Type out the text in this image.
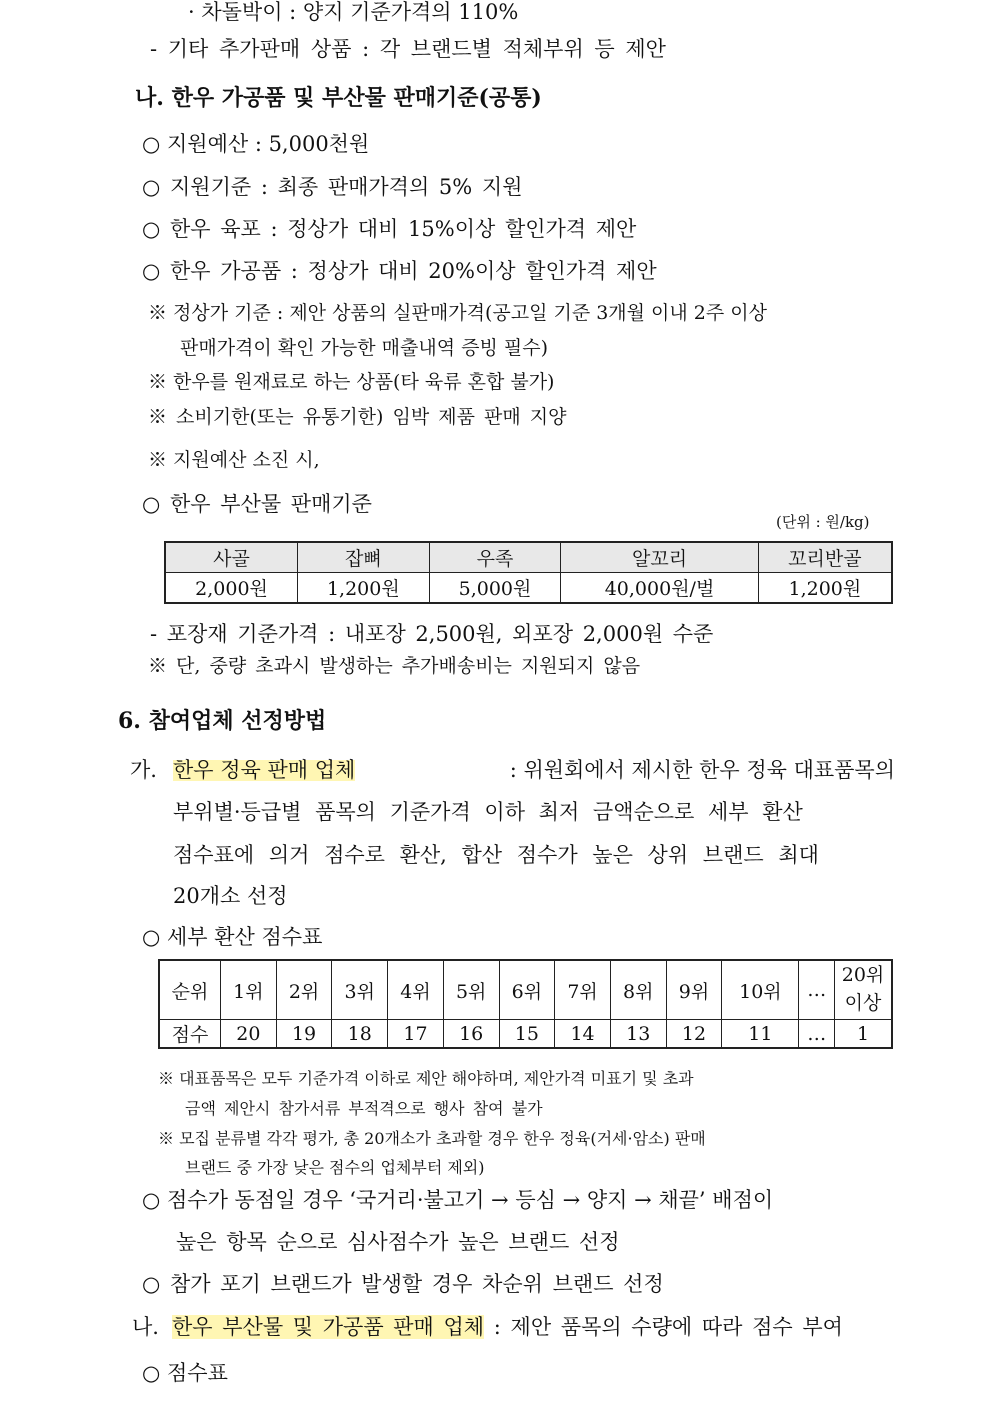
· 차돌박이 : 양지 기준가격의 110%
- 기타 추가판매 상품 : 각 브랜드별 적체부위 등 제안
나. 한우 가공품 및 부산물 판매기준(공통)
○ 지원예산 : 5,000천원
○ 지원기준 : 최종 판매가격의 5% 지원
○ 한우 육포 : 정상가 대비 15%이상 할인가격 제안
○ 한우 가공품 : 정상가 대비 20%이상 할인가격 제안
※ 정상가 기준 : 제안 상품의 실판매가격(공고일 기준 3개월 이내 2주 이상
판매가격이 확인 가능한 매출내역 증빙 필수)
※ 한우를 원재료로 하는 상품(타 육류 혼합 불가)
※ 소비기한(또는 유통기한) 임박 제품 판매 지양
※ 지원예산 소진 시,
○ 한우 부산물 판매기준
(단위 : 원/kg)
사골	잡뼈	우족	알꼬리	꼬리반골
2,000원	1,200원	5,000원	40,000원/벌	1,200원
- 포장재 기준가격 : 내포장 2,500원, 외포장 2,000원 수준
※ 단, 중량 초과시 발생하는 추가배송비는 지원되지 않음
6. 참여업체 선정방법
가. 한우 정육 판매 업체	: 위원회에서 제시한 한우 정육 대표품목의
부위별·등급별 품목의 기준가격 이하 최저 금액순으로 세부 환산
점수표에 의거 점수로 환산, 합산 점수가 높은 상위 브랜드 최대
20개소 선정
○ 세부 환산 점수표
순위	1위	2위	3위	4위	5위	6위	7위	8위	9위	10위	…	20위
이상
점수	20	19	18	17	16	15	14	13	12	11	…	1
※ 대표품목은 모두 기준가격 이하로 제안 해야하며, 제안가격 미표기 및 초과
금액 제안시 참가서류 부적격으로 행사 참여 불가
※ 모집 분류별 각각 평가, 총 20개소가 초과할 경우 한우 정육(거세·암소) 판매
브랜드 중 가장 낮은 점수의 업체부터 제외)
○ 점수가 동점일 경우 ‘국거리·불고기 → 등심 → 양지 → 채끝’ 배점이
높은 항목 순으로 심사점수가 높은 브랜드 선정
○ 참가 포기 브랜드가 발생할 경우 차순위 브랜드 선정
나. 한우 부산물 및 가공품 판매 업체 : 제안 품목의 수량에 따라 점수 부여
○ 점수표
